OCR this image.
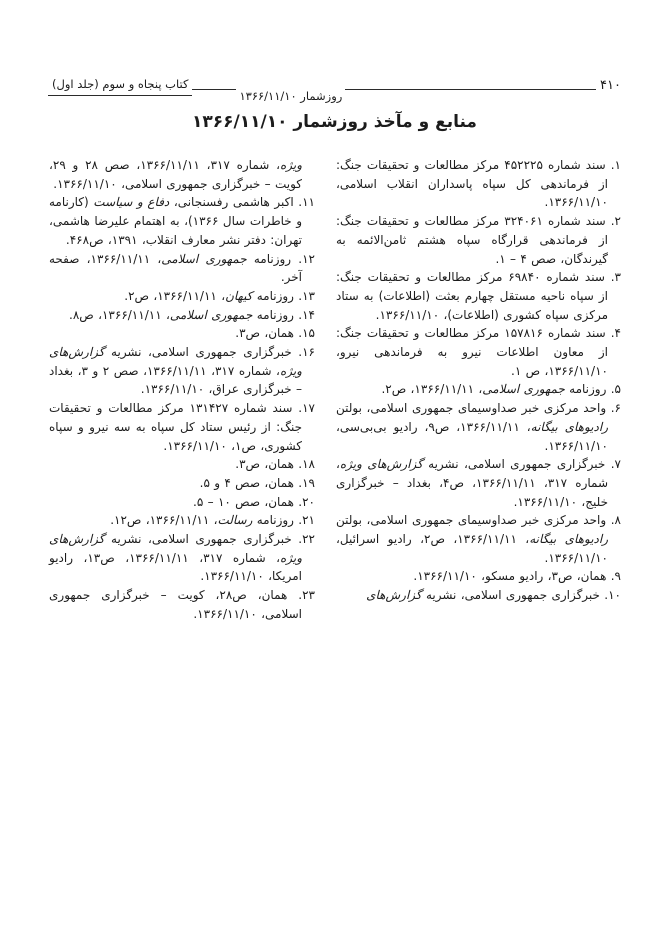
۴۱۰
روزشمار ۱۳۶۶/۱۱/۱۰
کتاب پنجاه و سوم (جلد اول)
منابع و مآخذ روزشمار ۱۳۶۶/۱۱/۱۰

۱. سند شماره ۴۵۲۲۲۵ مرکز مطالعات و تحقیقات جنگ: از فرماندهی کل سپاه پاسداران انقلاب اسلامی، ۱۳۶۶/۱۱/۱۰.

۲. سند شماره ۳۲۴۰۶۱ مرکز مطالعات و تحقیقات جنگ: از فرماندهی قرارگاه سپاه هشتم ثامن‌الائمه به گیرندگان، صص ۴ – ۱.

۳. سند شماره ۶۹۸۴۰ مرکز مطالعات و تحقیقات جنگ: از سپاه ناحیه مستقل چهارم بعثت (اطلاعات) به ستاد مرکزی سپاه کشوری (اطلاعات)، ۱۳۶۶/۱۱/۱۰.

۴. سند شماره ۱۵۷۸۱۶ مرکز مطالعات و تحقیقات جنگ: از معاون اطلاعات نیرو به فرماندهی نیرو، ۱۳۶۶/۱۱/۱۰، ص ۱.

۵. روزنامه جمهوری اسلامی، ۱۳۶۶/۱۱/۱۱، ص۲.

۶. واحد مرکزی خبر صداوسیمای جمهوری اسلامی، بولتن رادیوهای بیگانه، ۱۳۶۶/۱۱/۱۱، ص۹، رادیو بی‌بی‌سی، ۱۳۶۶/۱۱/۱۰.

۷. خبرگزاری جمهوری اسلامی، نشریه گزارش‌های ویژه، شماره ۳۱۷، ۱۳۶۶/۱۱/۱۱، ص۴، بغداد – خبرگزاری خلیج، ۱۳۶۶/۱۱/۱۰.

۸. واحد مرکزی خبر صداوسیمای جمهوری اسلامی، بولتن رادیوهای بیگانه، ۱۳۶۶/۱۱/۱۱، ص۲، رادیو اسرائیل، ۱۳۶۶/۱۱/۱۰.

۹. همان، ص۳، رادیو مسکو، ۱۳۶۶/۱۱/۱۰.

۱۰. خبرگزاری جمهوری اسلامی، نشریه گزارش‌های

ویژه، شماره ۳۱۷، ۱۳۶۶/۱۱/۱۱، صص ۲۸ و ۲۹، کویت – خبرگزاری جمهوری اسلامی، ۱۳۶۶/۱۱/۱۰.

۱۱. اکبر هاشمی رفسنجانی، دفاع و سیاست (کارنامه و خاطرات سال ۱۳۶۶)، به اهتمام علیرضا هاشمی، تهران: دفتر نشر معارف انقلاب، ۱۳۹۱، ص۴۶۸.

۱۲. روزنامه جمهوری اسلامی، ۱۳۶۶/۱۱/۱۱، صفحه آخر.

۱۳. روزنامه کیهان، ۱۳۶۶/۱۱/۱۱، ص۲.

۱۴. روزنامه جمهوری اسلامی، ۱۳۶۶/۱۱/۱۱، ص۸.

۱۵. همان، ص۳.

۱۶. خبرگزاری جمهوری اسلامی، نشریه گزارش‌های ویژه، شماره ۳۱۷، ۱۳۶۶/۱۱/۱۱، صص ۲ و ۳، بغداد – خبرگزاری عراق، ۱۳۶۶/۱۱/۱۰.

۱۷. سند شماره ۱۳۱۴۲۷ مرکز مطالعات و تحقیقات جنگ: از رئیس ستاد کل سپاه به سه نیرو و سپاه کشوری، ص۱، ۱۳۶۶/۱۱/۱۰.

۱۸. همان، ص۳.

۱۹. همان، صص ۴ و ۵.

۲۰. همان، صص ۱۰ – ۵.

۲۱. روزنامه رسالت، ۱۳۶۶/۱۱/۱۱، ص۱۲.

۲۲. خبرگزاری جمهوری اسلامی، نشریه گزارش‌های ویژه، شماره ۳۱۷، ۱۳۶۶/۱۱/۱۱، ص۱۳، رادیو امریکا، ۱۳۶۶/۱۱/۱۰.

۲۳. همان، ص۲۸، کویت – خبرگزاری جمهوری اسلامی، ۱۳۶۶/۱۱/۱۰.
